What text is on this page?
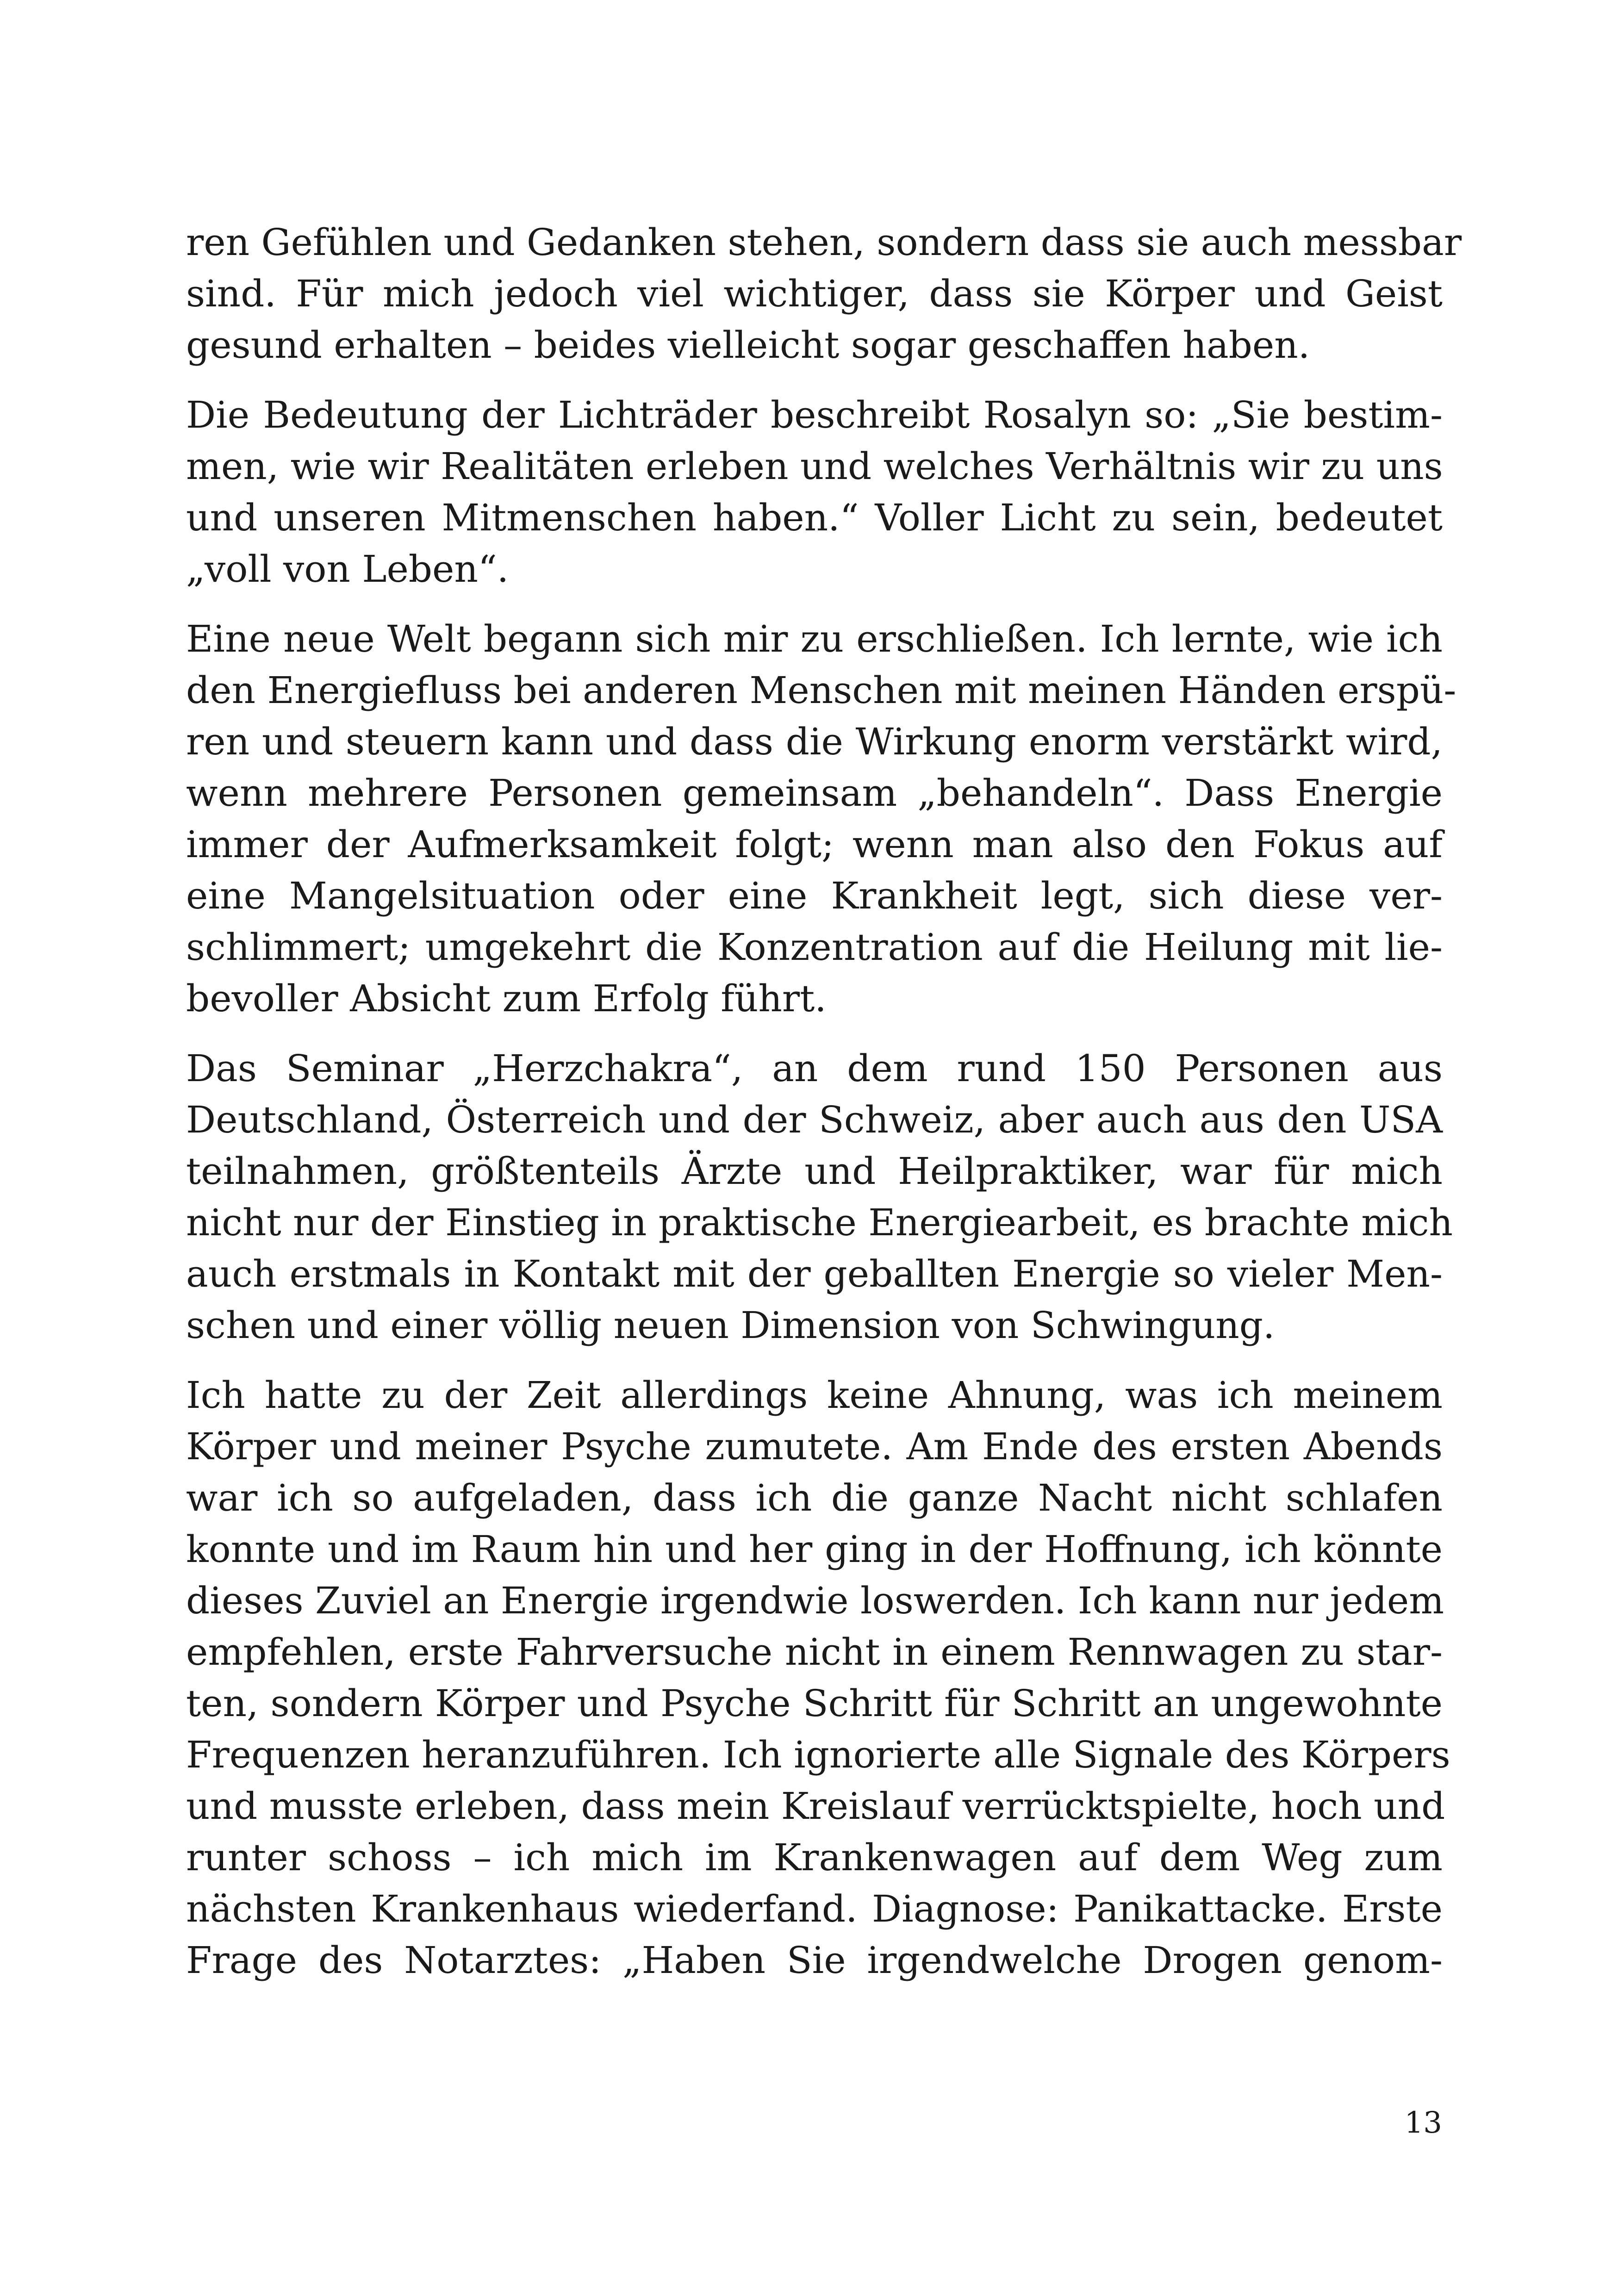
ren Gefühlen und Gedanken stehen, sondern dass sie auch messbar
sind. Für mich jedoch viel wichtiger, dass sie Körper und Geist
gesund erhalten – beides vielleicht sogar geschaffen haben.
Die Bedeutung der Lichträder beschreibt Rosalyn so: „Sie bestim-
men, wie wir Realitäten erleben und welches Verhältnis wir zu uns
und unseren Mitmenschen haben.“ Voller Licht zu sein, bedeutet
„voll von Leben“.
Eine neue Welt begann sich mir zu erschließen. Ich lernte, wie ich
den Energiefluss bei anderen Menschen mit meinen Händen erspü-
ren und steuern kann und dass die Wirkung enorm verstärkt wird,
wenn mehrere Personen gemeinsam „behandeln“. Dass Energie
immer der Aufmerksamkeit folgt; wenn man also den Fokus auf
eine Mangelsituation oder eine Krankheit legt, sich diese ver-
schlimmert; umgekehrt die Konzentration auf die Heilung mit lie-
bevoller Absicht zum Erfolg führt.
Das Seminar „Herzchakra“, an dem rund 150 Personen aus
Deutschland, Österreich und der Schweiz, aber auch aus den USA
teilnahmen, größtenteils Ärzte und Heilpraktiker, war für mich
nicht nur der Einstieg in praktische Energiearbeit, es brachte mich
auch erstmals in Kontakt mit der geballten Energie so vieler Men-
schen und einer völlig neuen Dimension von Schwingung.
Ich hatte zu der Zeit allerdings keine Ahnung, was ich meinem
Körper und meiner Psyche zumutete. Am Ende des ersten Abends
war ich so aufgeladen, dass ich die ganze Nacht nicht schlafen
konnte und im Raum hin und her ging in der Hoffnung, ich könnte
dieses Zuviel an Energie irgendwie loswerden. Ich kann nur jedem
empfehlen, erste Fahrversuche nicht in einem Rennwagen zu star-
ten, sondern Körper und Psyche Schritt für Schritt an ungewohnte
Frequenzen heranzuführen. Ich ignorierte alle Signale des Körpers
und musste erleben, dass mein Kreislauf verrücktspielte, hoch und
runter schoss – ich mich im Krankenwagen auf dem Weg zum
nächsten Krankenhaus wiederfand. Diagnose: Panikattacke. Erste
Frage des Notarztes: „Haben Sie irgendwelche Drogen genom-
13
